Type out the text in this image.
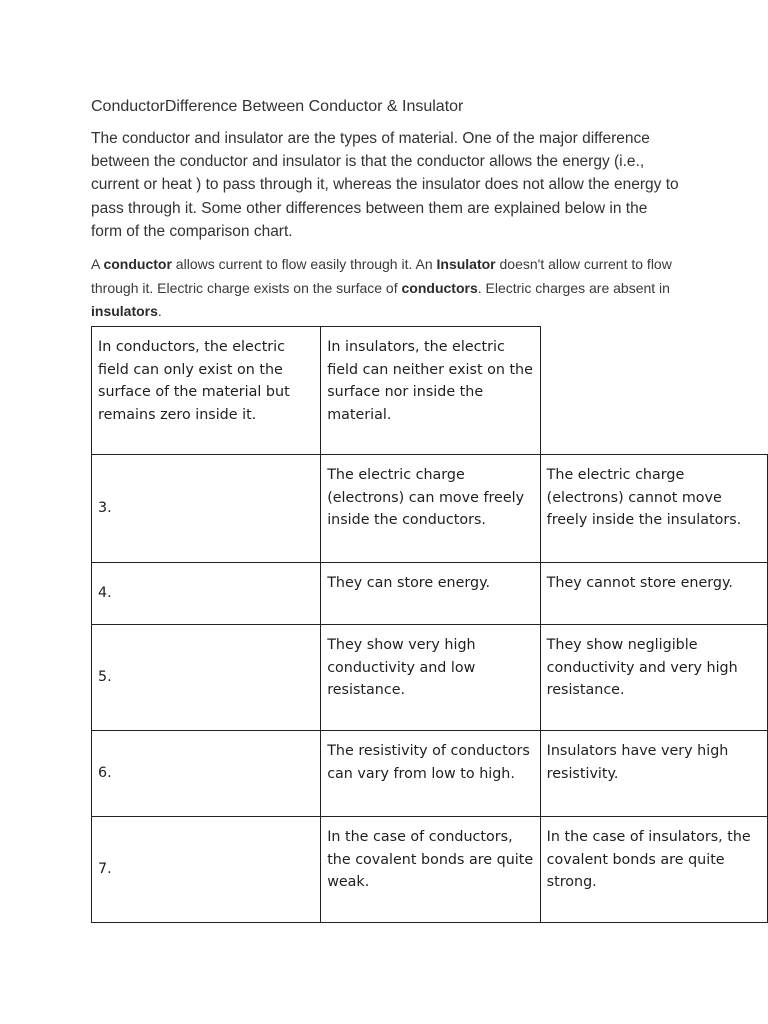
ConductorDifference Between Conductor & Insulator

The conductor and insulator are the types of material. One of the major difference between the conductor and insulator is that the conductor allows the energy (i.e., current or heat ) to pass through it, whereas the insulator does not allow the energy to pass through it. Some other differences between them are explained below in the form of the comparison chart.

A conductor allows current to flow easily through it. An Insulator doesn't allow current to flow through it. Electric charge exists on the surface of conductors. Electric charges are absent in insulators.

In conductors, the electric field can only exist on the surface of the material but remains zero inside it.	In insulators, the electric field can neither exist on the surface nor inside the material.	
3.	The electric charge (electrons) can move freely inside the conductors.	The electric charge (electrons) cannot move freely inside the insulators.
4.	They can store energy.	They cannot store energy.
5.	They show very high conductivity and low resistance.	They show negligible conductivity and very high resistance.
6.	The resistivity of conductors can vary from low to high.	Insulators have very high resistivity.
7.	In the case of conductors, the covalent bonds are quite weak.	In the case of insulators, the covalent bonds are quite strong.
